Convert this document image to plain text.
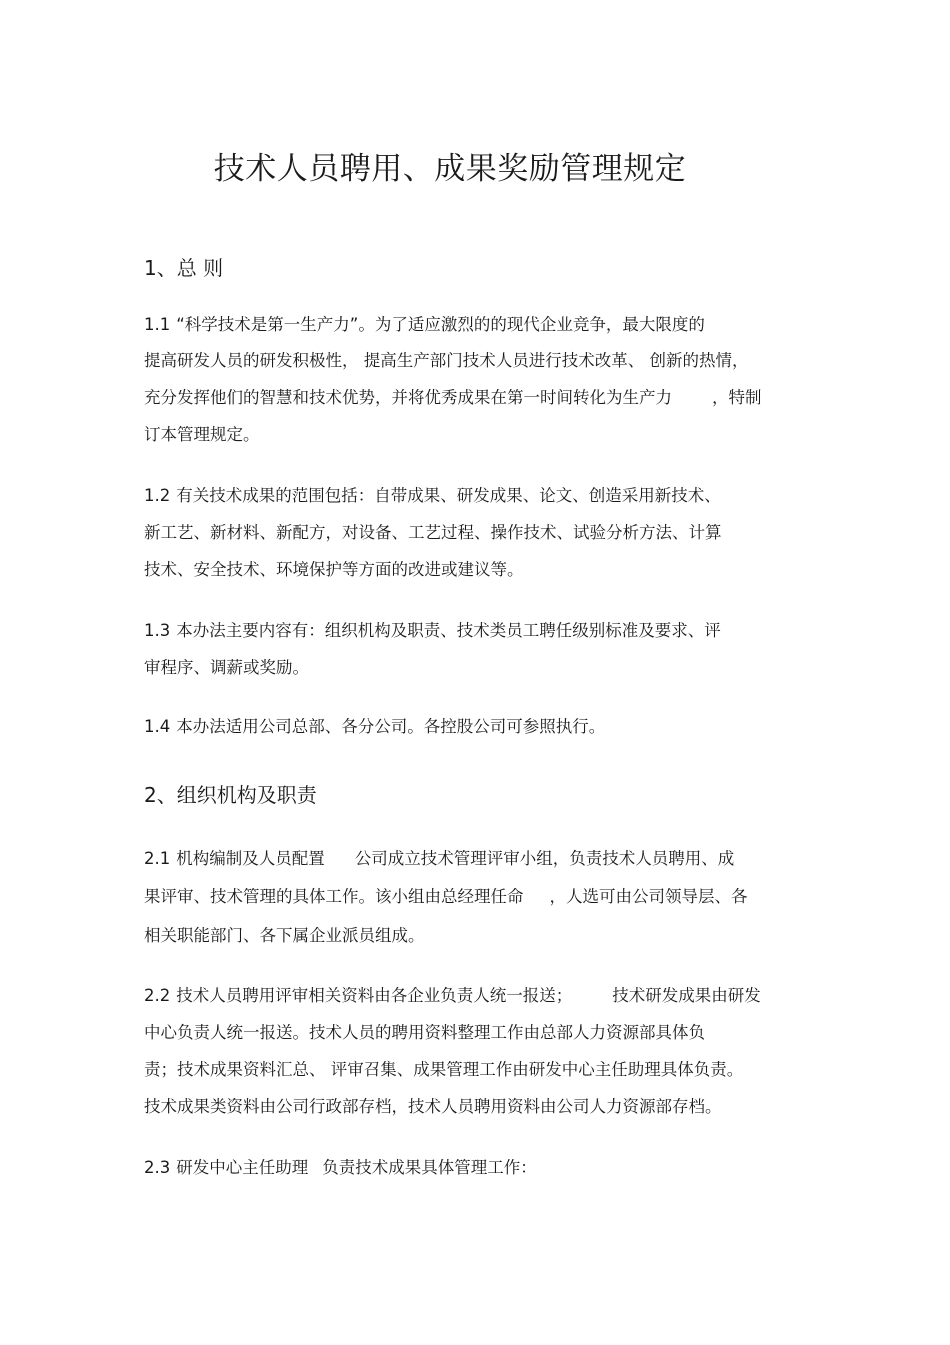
技术人员聘用、成果奖励管理规定
1、总 则
1.1 “科学技术是第一生产力”。为了适应激烈的的现代企业竞争，最大限度的
提高研发人员的研发积极性， 提高生产部门技术人员进行技术改革、 创新的热情，
充分发挥他们的智慧和技术优势，并将优秀成果在第一时间转化为生产力 ，特制
订本管理规定。
1.2 有关技术成果的范围包括：自带成果、研发成果、论文、创造采用新技术、
新工艺、新材料、新配方，对设备、工艺过程、操作技术、试验分析方法、计算
技术、安全技术、环境保护等方面的改进或建议等。
1.3 本办法主要内容有：组织机构及职责、技术类员工聘任级别标准及要求、评
审程序、调薪或奖励。
1.4 本办法适用公司总部、各分公司。各控股公司可参照执行。
2、组织机构及职责
2.1 机构编制及人员配置 公司成立技术管理评审小组，负责技术人员聘用、成
果评审、技术管理的具体工作。该小组由总经理任命 ，人选可由公司领导层、各
相关职能部门、各下属企业派员组成。
2.2 技术人员聘用评审相关资料由各企业负责人统一报送； 技术研发成果由研发
中心负责人统一报送。技术人员的聘用资料整理工作由总部人力资源部具体负
责；技术成果资料汇总、 评审召集、成果管理工作由研发中心主任助理具体负责。
技术成果类资料由公司行政部存档，技术人员聘用资料由公司人力资源部存档。
2.3 研发中心主任助理 负责技术成果具体管理工作：
